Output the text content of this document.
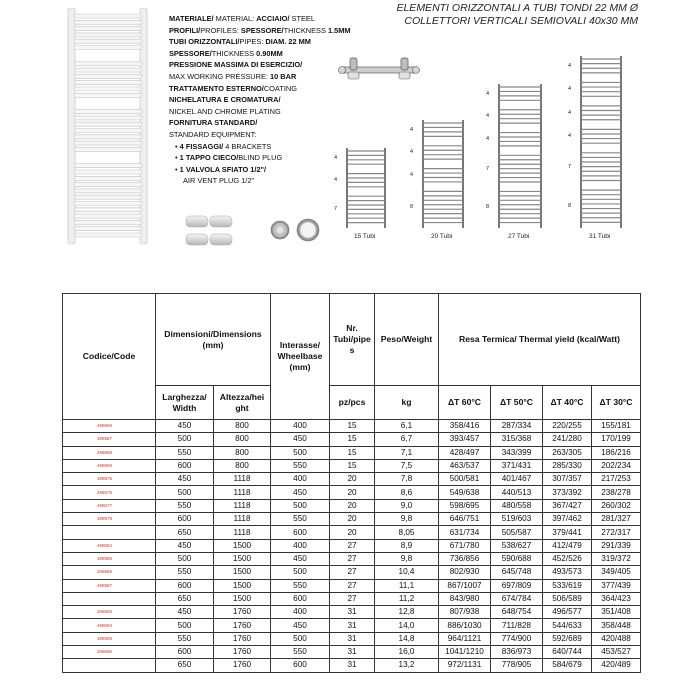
MATERIALE/ MATERIAL: ACCIAIO/ STEEL
PROFILI/PROFILES: SPESSORE/THICKNESS 1.5MM
TUBI ORIZZONTALI/PIPES: DIAM. 22 MM
SPESSORE/THICKNESS 0.90MM
PRESSIONE MASSIMA DI ESERCIZIO/
MAX WORKING PRESSURE: 10 BAR
TRATTAMENTO ESTERNO/COATING
NICHELATURA E CROMATURA/
NICKEL AND CHROME PLATING
FORNITURA STANDARD/
STANDARD EQUIPMENT:
• 4 FISSAGGI/ 4 BRACKETS
• 1 TAPPO CIECO/BLIND PLUG
• 1 VALVOLA SFIATO 1/2"/
AIR VENT PLUG 1/2"
ELEMENTI ORIZZONTALI A TUBI TONDI 22 MM Ø
COLLETTORI VERTICALI SEMIOVALI 40x30 MM
4
4
7
15 Tubi
4
4
4
8
20 Tubi
4
4
4
7
8
27 Tubi
4
4
4
4
7
8
31 Tubi
Codice/Code	Dimensioni/Dimensions (mm)		Interasse/ Wheelbase (mm)	Nr. Tubi/pipe s	Peso/Weight	Resa Termica/ Thermal yield (kcal/Watt)			
	Larghezza/ Width	Altezza/hei ght		pz/pcs	kg	ΔT 60°C	ΔT 50°C	ΔT 40°C	ΔT 30°C
499566	450	800	400	15	6,1	358/416	287/334	220/255	155/181
499567	500	800	450	15	6,7	393/457	315/368	241/280	170/199
499568	550	800	500	15	7,1	428/497	343/399	263/305	186/216
499569	600	800	550	15	7,5	463/537	371/431	285/330	202/234
499575	450	1118	400	20	7,8	500/581	401/467	307/357	217/253
499576	500	1118	450	20	8,6	549/638	440/513	373/392	238/278
499577	550	1118	500	20	9,0	598/695	480/558	367/427	260/302
499578	600	1118	550	20	9,8	646/751	519/603	397/462	281/327
	650	1118	600	20	8,05	631/734	505/587	379/441	272/317
499584	450	1500	400	27	8,9	671/780	538/627	412/479	291/339
499585	500	1500	450	27	9,8	736/856	590/688	452/526	319/372
499586	550	1500	500	27	10,4	802/930	645/748	493/573	349/405
499587	600	1500	550	27	11,1	867/1007	697/809	533/619	377/439
	650	1500	600	27	11,2	843/980	674/784	506/589	364/423
499593	450	1760	400	31	12,8	807/938	648/754	496/577	351/408
499594	500	1760	450	31	14,0	886/1030	711/828	544/633	358/448
499595	550	1760	500	31	14,8	964/1121	774/900	592/689	420/488
499596	600	1760	550	31	16,0	1041/1210	836/973	640/744	453/527
	650	1760	600	31	13,2	972/1131	778/905	584/679	420/489
